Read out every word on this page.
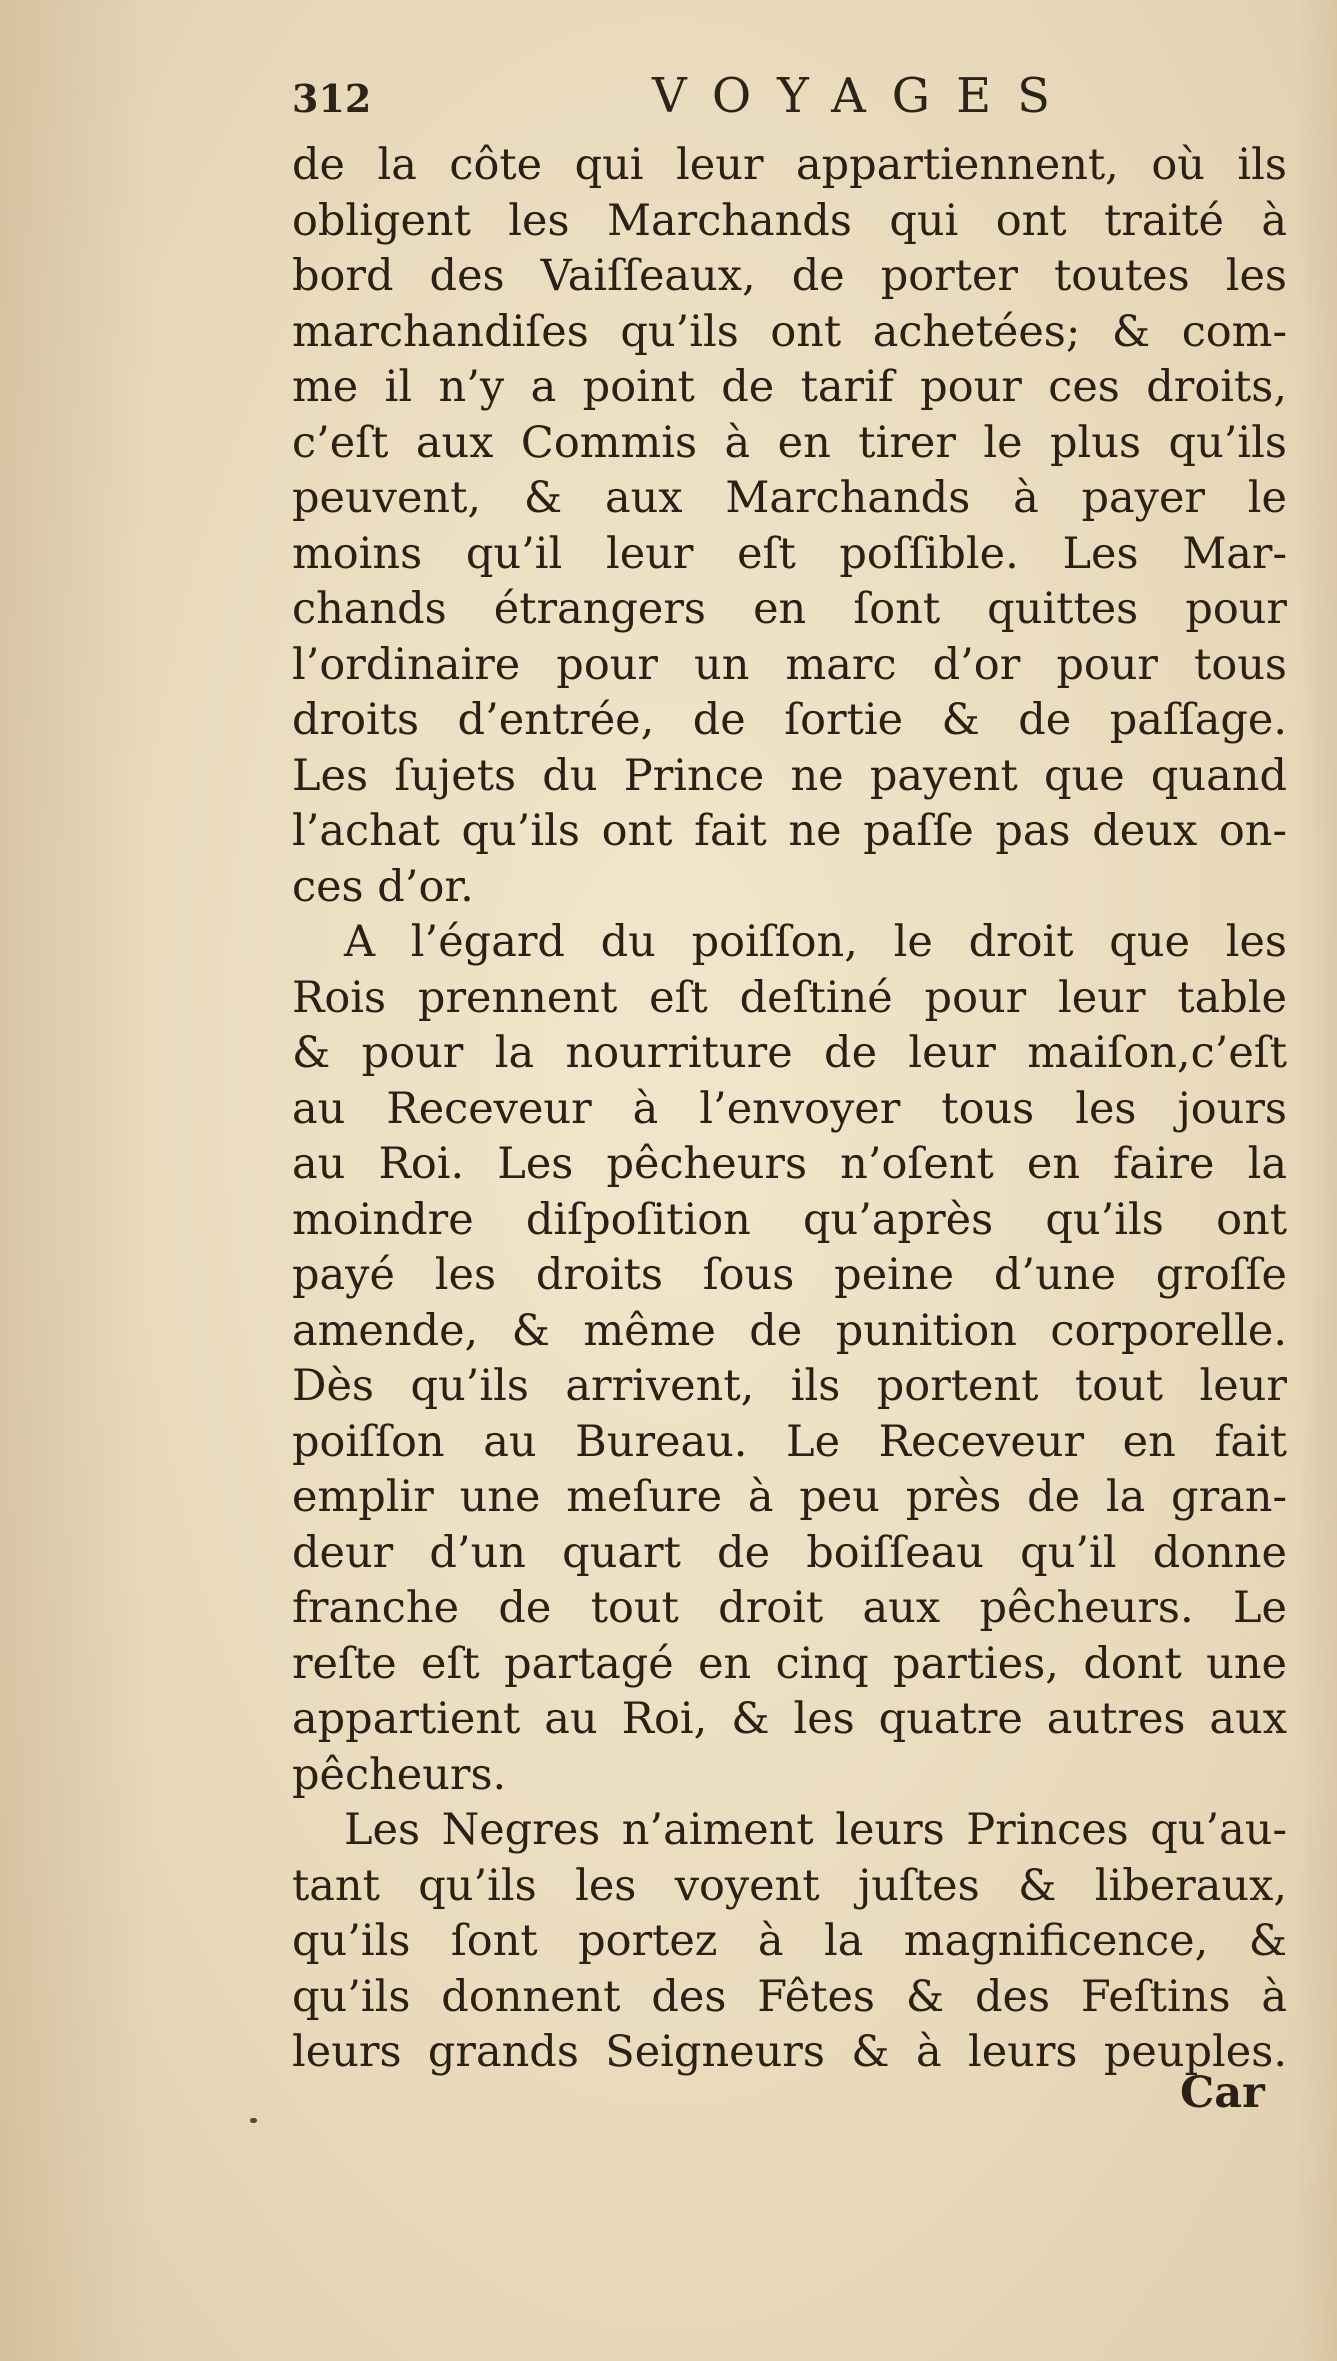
312	VOYAGES
de la côte qui leur appartiennent, où ils
obligent les Marchands qui ont traité à
bord des Vaiſſeaux, de porter toutes les
marchandiſes qu’ils ont achetées; & com-
me il n’y a point de tarif pour ces droits,
c’eſt aux Commis à en tirer le plus qu’ils
peuvent, & aux Marchands à payer le
moins qu’il leur eſt poſſible. Les Mar-
chands étrangers en ſont quittes pour
l’ordinaire pour un marc d’or pour tous
droits d’entrée, de ſortie & de paſſage.
Les ſujets du Prince ne payent que quand
l’achat qu’ils ont fait ne paſſe pas deux on-
ces d’or.
A l’égard du poiſſon, le droit que les
Rois prennent eſt deſtiné pour leur table
& pour la nourriture de leur maiſon,c’eſt
au Receveur à l’envoyer tous les jours
au Roi. Les pêcheurs n’oſent en faire la
moindre diſpoſition qu’après qu’ils ont
payé les droits ſous peine d’une groſſe
amende, & même de punition corporelle.
Dès qu’ils arrivent, ils portent tout leur
poiſſon au Bureau. Le Receveur en fait
emplir une meſure à peu près de la gran-
deur d’un quart de boiſſeau qu’il donne
franche de tout droit aux pêcheurs. Le
reſte eſt partagé en cinq parties, dont une
appartient au Roi, & les quatre autres aux
pêcheurs.
Les Negres n’aiment leurs Princes qu’au-
tant qu’ils les voyent juſtes & liberaux,
qu’ils ſont portez à la magnificence, &
qu’ils donnent des Fêtes & des Feſtins à
leurs grands Seigneurs & à leurs peuples.
Car
